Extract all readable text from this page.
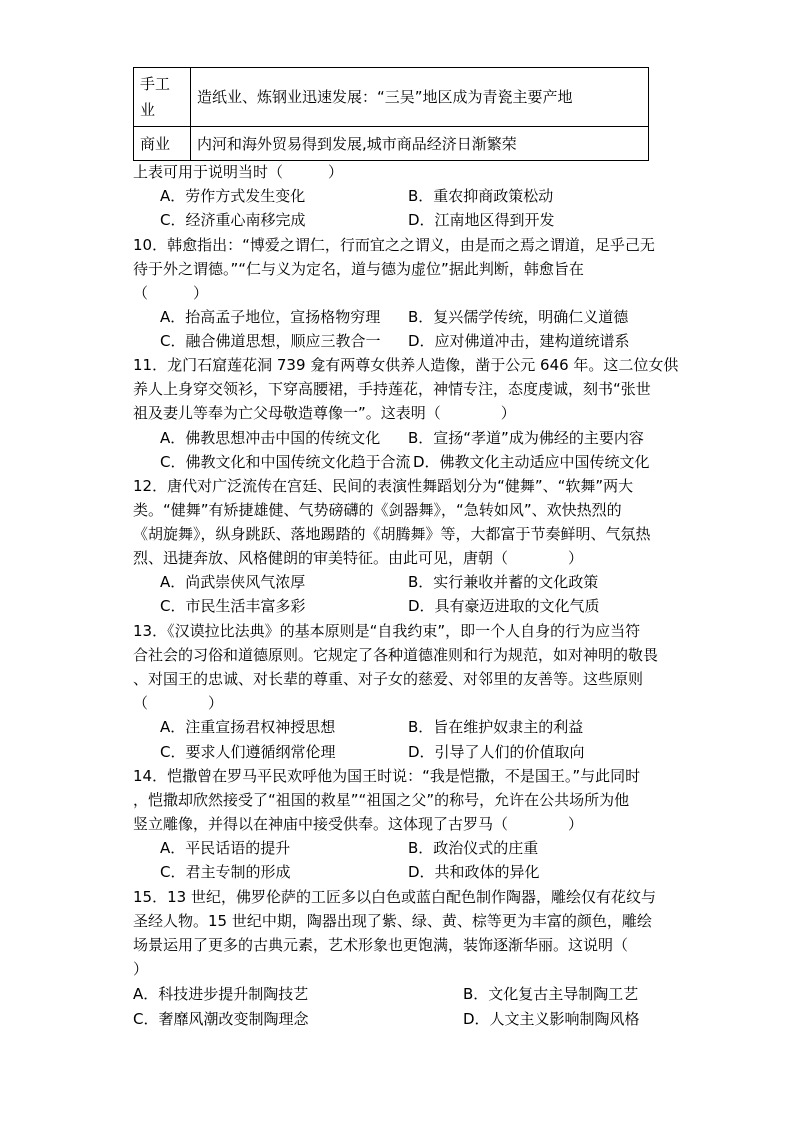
手工
业	造纸业、炼钢业迅速发展：“三吴”地区成为青瓷主要产地
商业	内河和海外贸易得到发展,城市商品经济日渐繁荣
上表可用于说明当时（　　　）
A．劳作方式发生变化	B．重农抑商政策松动
C．经济重心南移完成	D．江南地区得到开发
10．韩愈指出：“博爱之谓仁，行而宜之之谓义，由是而之焉之谓道，足乎己无
待于外之谓德。”“仁与义为定名，道与德为虚位”据此判断，韩愈旨在
（　　　）
A．抬高孟子地位，宣扬格物穷理 B．复兴儒学传统，明确仁义道德
C．融合佛道思想，顺应三教合一 D．应对佛道冲击，建构道统谱系
11．龙门石窟莲花洞 739 龛有两尊女供养人造像，凿于公元 646 年。这二位女供
养人上身穿交领衫，下穿高腰裙，手持莲花，神情专注，态度虔诚，刻书“张世
祖及妻儿等奉为亡父母敬造尊像一”。这表明（　　　　）
A．佛教思想冲击中国的传统文化 B．宣扬“孝道”成为佛经的主要内容
C．佛教文化和中国传统文化趋于合流 D．佛教文化主动适应中国传统文化
12．唐代对广泛流传在宫廷、民间的表演性舞蹈划分为“健舞”、“软舞”两大
类。“健舞”有矫捷雄健、气势磅礴的《剑器舞》，“急转如风”、欢快热烈的
《胡旋舞》，纵身跳跃、落地踢踏的《胡腾舞》等，大都富于节奏鲜明、气氛热
烈、迅捷奔放、风格健朗的审美特征。由此可见，唐朝（　　　　）
A．尚武崇侠风气浓厚	B．实行兼收并蓄的文化政策
C．市民生活丰富多彩	D．具有豪迈进取的文化气质
13．《汉谟拉比法典》的基本原则是“自我约束”，即一个人自身的行为应当符
合社会的习俗和道德原则。它规定了各种道德准则和行为规范，如对神明的敬畏
、对国王的忠诚、对长辈的尊重、对子女的慈爱、对邻里的友善等。这些原则
（　　　　）
A．注重宣扬君权神授思想	B．旨在维护奴隶主的利益
C．要求人们遵循纲常伦理	D．引导了人们的价值取向
14．恺撒曾在罗马平民欢呼他为国王时说：“我是恺撒，不是国王。”与此同时
，恺撒却欣然接受了“祖国的救星”“祖国之父”的称号，允许在公共场所为他
竖立雕像，并得以在神庙中接受供奉。这体现了古罗马（　　　　）
A．平民话语的提升	B．政治仪式的庄重
C．君主专制的形成	D．共和政体的异化
15．13 世纪，佛罗伦萨的工匠多以白色或蓝白配色制作陶器，雕绘仅有花纹与
圣经人物。15 世纪中期，陶器出现了紫、绿、黄、棕等更为丰富的颜色，雕绘
场景运用了更多的古典元素，艺术形象也更饱满，装饰逐渐华丽。这说明（
）
A．科技进步提升制陶技艺	B．文化复古主导制陶工艺
C．奢靡风潮改变制陶理念	D．人文主义影响制陶风格
